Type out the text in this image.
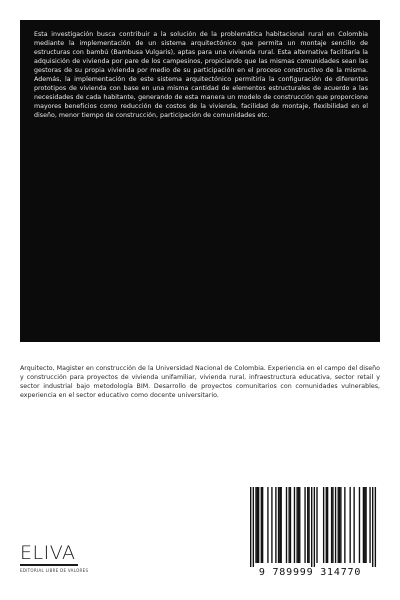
Esta investigación busca contribuir a la solución de la problemática habitacional rural en Colombia mediante la implementación de un sistema arquitectónico que permita un montaje sencillo de estructuras con bambú (Bambusa Vulgaris), aptas para una vivienda rural. Esta alternativa facilitaría la adquisición de vivienda por pare de los campesinos, propiciando que las mismas comunidades sean las gestoras de su propia vivienda por medio de su participación en el proceso constructivo de la misma. Además, la implementación de este sistema arquitectónico permitiría la configuración de diferentes prototipos de vivienda con base en una misma cantidad de elementos estructurales de acuerdo a las necesidades de cada habitante, generando de esta manera un modelo de construcción que proporcione mayores beneficios como reducción de costos de la vivienda, facilidad de montaje, flexibilidad en el diseño, menor tiempo de construcción, participación de comunidades etc.

Arquitecto, Magister en construcción de la Universidad Nacional de Colombia. Experiencia en el campo del diseño y construcción para proyectos de vivienda unifamiliar, vivienda rural, infraestructura educativa, sector retail y sector industrial bajo metodología BIM. Desarrollo de proyectos comunitarios con comunidades vulnerables, experiencia en el sector educativo como docente universitario.

ELIVA
EDITORIAL LIBRE DE VALORES	9 789999 314770
